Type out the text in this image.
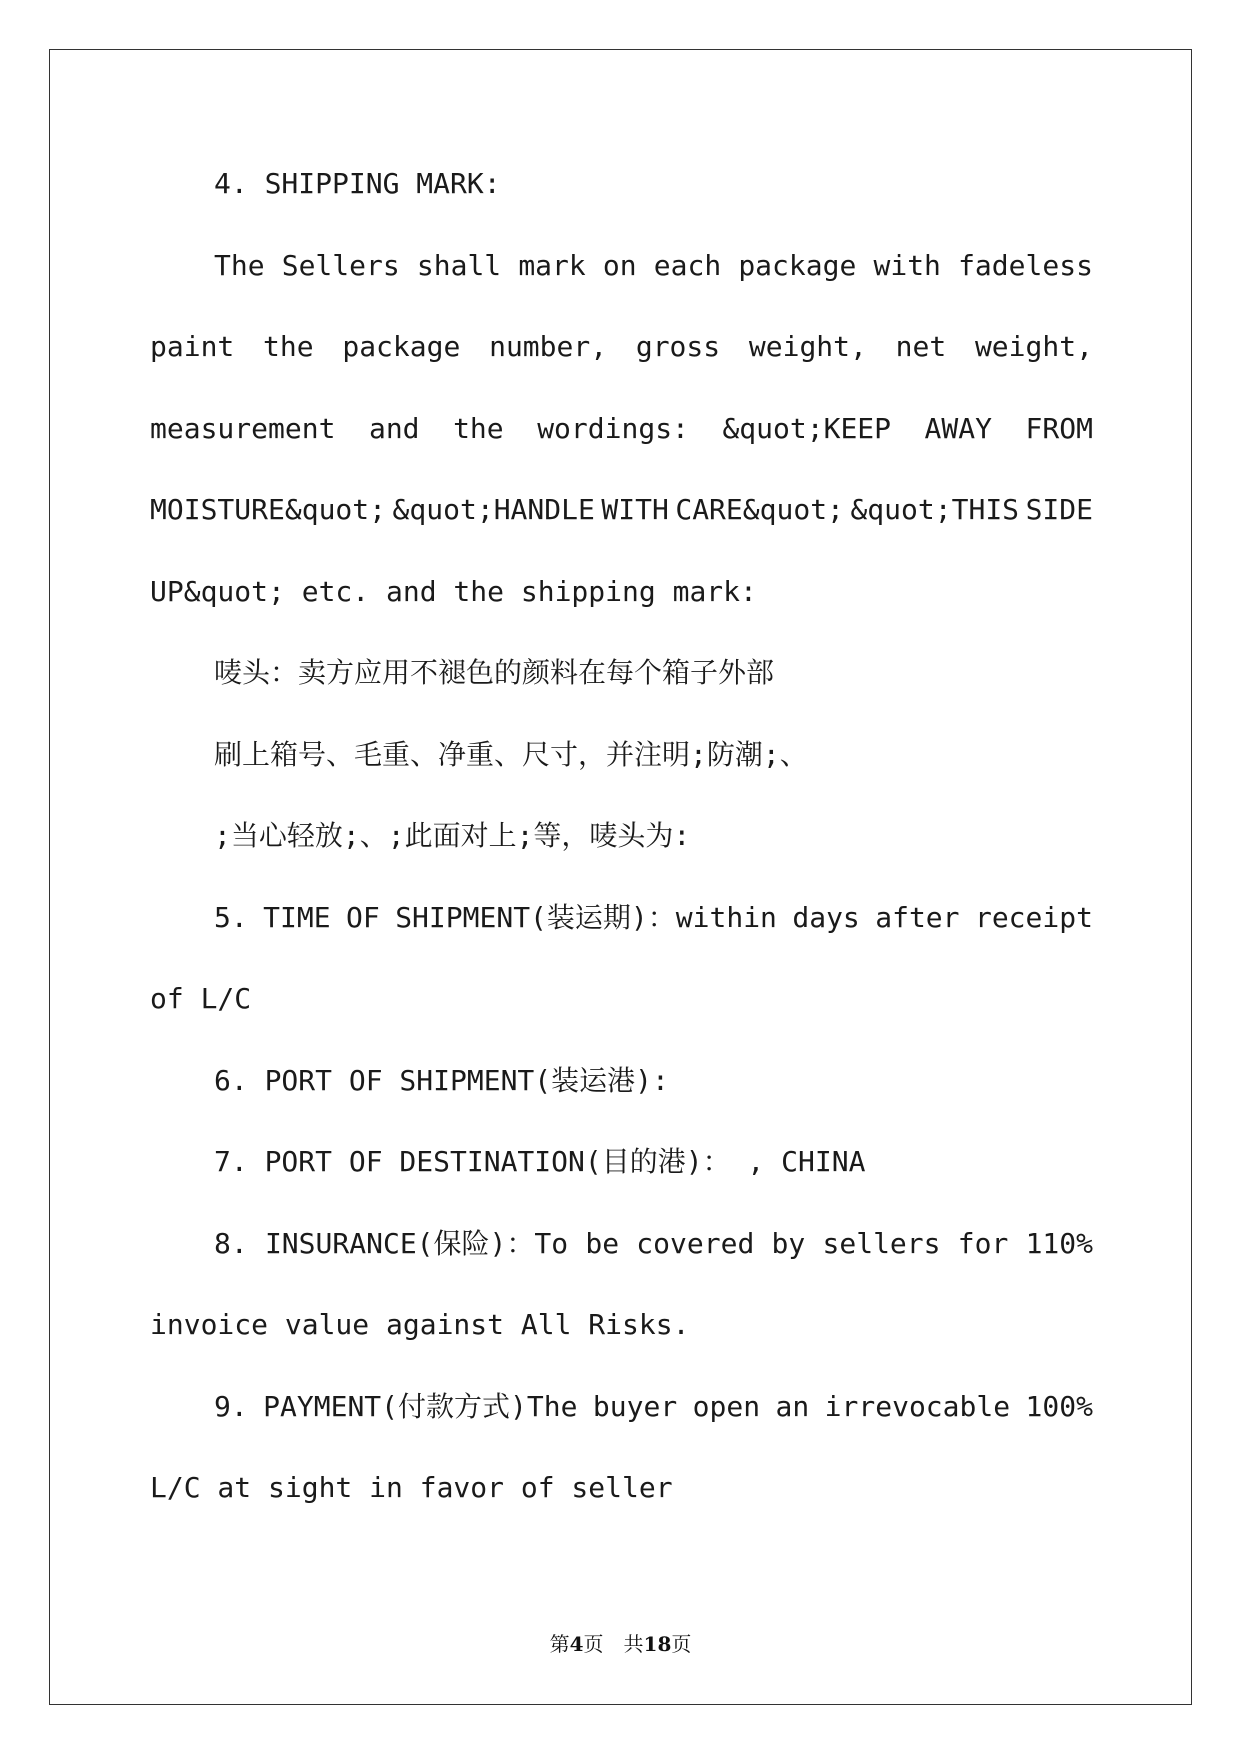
4. SHIPPING MARK:
The Sellers shall mark on each package with fadeless
paint the package number, gross weight, net weight,
measurement and the wordings: &quot;KEEP AWAY FROM
MOISTURE&quot; &quot;HANDLE WITH CARE&quot; &quot;THIS SIDE
UP&quot; etc. and the shipping mark:
唛头：卖方应用不褪色的颜料在每个箱子外部
刷上箱号、毛重、净重、尺寸，并注明;防潮;、
;当心轻放;、;此面对上;等，唛头为:
5. TIME OF SHIPMENT(装运期)：within days after receipt
of L/C
6. PORT OF SHIPMENT(装运港):
7. PORT OF DESTINATION(目的港)： , CHINA
8. INSURANCE(保险)：To be covered by sellers for 110%
invoice value against All Risks.
9. PAYMENT(付款方式)The buyer open an irrevocable 100%
L/C at sight in favor of seller
第4页　共18页
